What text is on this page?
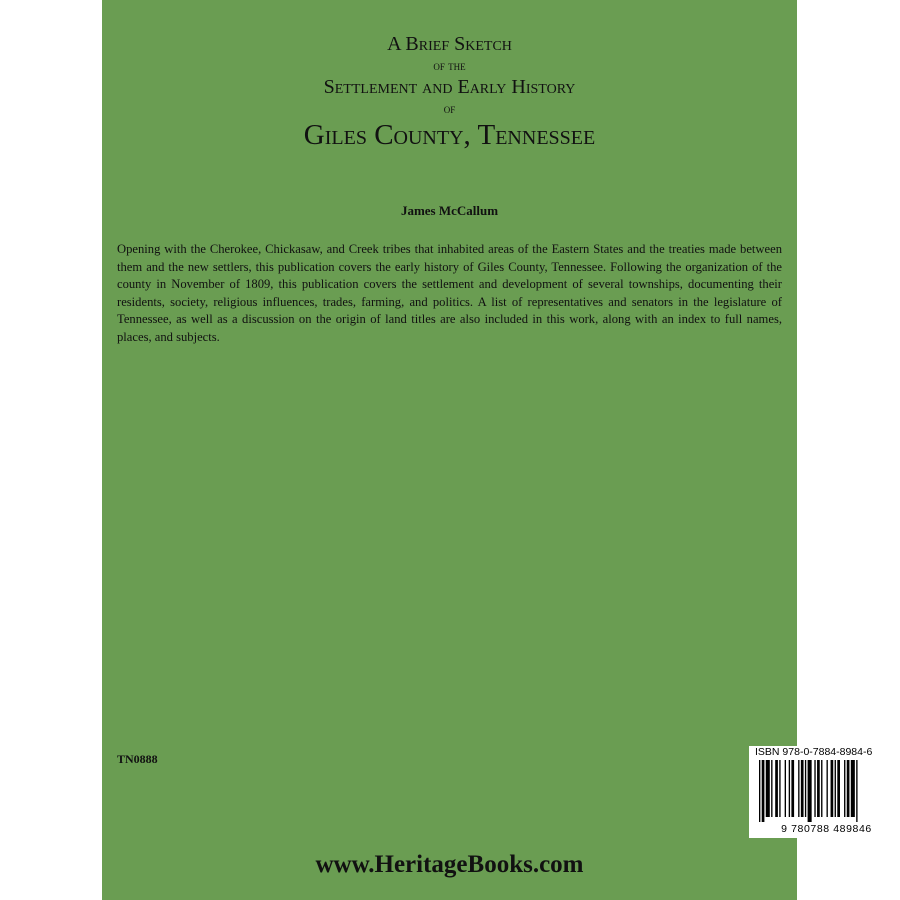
A Brief Sketch
of the
Settlement and Early History
of
Giles County, Tennessee
James McCallum
Opening with the Cherokee, Chickasaw, and Creek tribes that inhabited areas of the Eastern States and the treaties made between them and the new settlers, this publication covers the early history of Giles County, Tennessee. Following the organization of the county in November of 1809, this publication covers the settlement and development of several townships, documenting their residents, society, religious influences, trades, farming, and politics. A list of representatives and senators in the legislature of Tennessee, as well as a discussion on the origin of land titles are also included in this work, along with an index to full names, places, and subjects.
TN0888	ISBN 978-0-7884-8984-6
9 780788 489846
www.HeritageBooks.com
